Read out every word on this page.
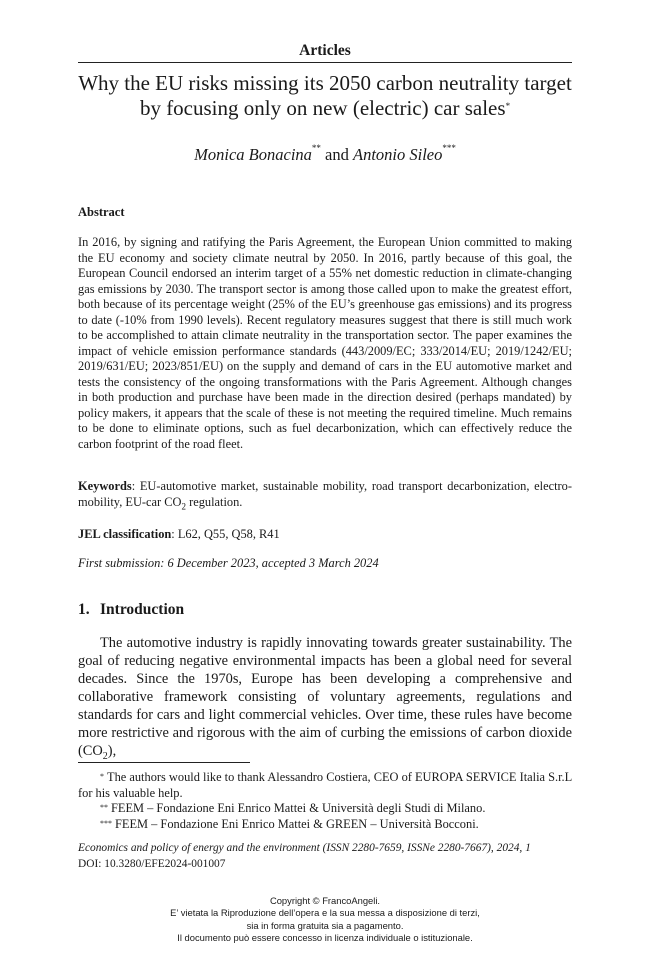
Articles
Why the EU risks missing its 2050 carbon neutrality target
by focusing only on new (electric) car sales*
Monica Bonacina** and Antonio Sileo***
Abstract

In 2016, by signing and ratifying the Paris Agreement, the European Union committed to making the EU economy and society climate neutral by 2050. In 2016, partly because of this goal, the European Council endorsed an interim target of a 55% net domestic reduction in climate-changing gas emissions by 2030. The transport sector is among those called upon to make the greatest effort, both because of its percentage weight (25% of the EU’s greenhouse gas emissions) and its progress to date (-10% from 1990 levels). Recent regulatory measures suggest that there is still much work to be accomplished to attain climate neutrality in the transportation sector. The paper examines the impact of vehicle emission performance standards (443/2009/EC; 333/2014/EU; 2019/1242/EU; 2019/631/EU; 2023/851/EU) on the supply and demand of cars in the EU automotive market and tests the consistency of the ongoing transformations with the Paris Agreement. Although changes in both production and purchase have been made in the direction desired (perhaps mandated) by policy makers, it appears that the scale of these is not meeting the required timeline. Much remains to be done to eliminate options, such as fuel decarbonization, which can effectively reduce the carbon footprint of the road fleet.

Keywords: EU-automotive market, sustainable mobility, road transport decarbonization, electro-mobility, EU-car $CO_2$ regulation.
JEL classification: L62, Q55, Q58, R41
First submission: 6 December 2023, accepted 3 March 2024
1. Introduction

The automotive industry is rapidly innovating towards greater sustainability. The goal of reducing negative environmental impacts has been a global need for several decades. Since the 1970s, Europe has been developing a comprehensive and collaborative framework consisting of voluntary agreements, regulations and standards for cars and light commercial vehicles. Over time, these rules have become more restrictive and rigorous with the aim of curbing the emissions of carbon dioxide $(CO_2)$,

* The authors would like to thank Alessandro Costiera, CEO of EUROPA SERVICE Italia S.r.L for his valuable help.

** FEEM – Fondazione Eni Enrico Mattei & Università degli Studi di Milano.

*** FEEM – Fondazione Eni Enrico Mattei & GREEN – Università Bocconi.

Economics and policy of energy and the environment (ISSN 2280-7659, ISSNe 2280-7667), 2024, 1
DOI: 10.3280/EFE2024-001007
Copyright © FrancoAngeli.
E’ vietata la Riproduzione dell’opera e la sua messa a disposizione di terzi,
sia in forma gratuita sia a pagamento.
Il documento può essere concesso in licenza individuale o istituzionale.
